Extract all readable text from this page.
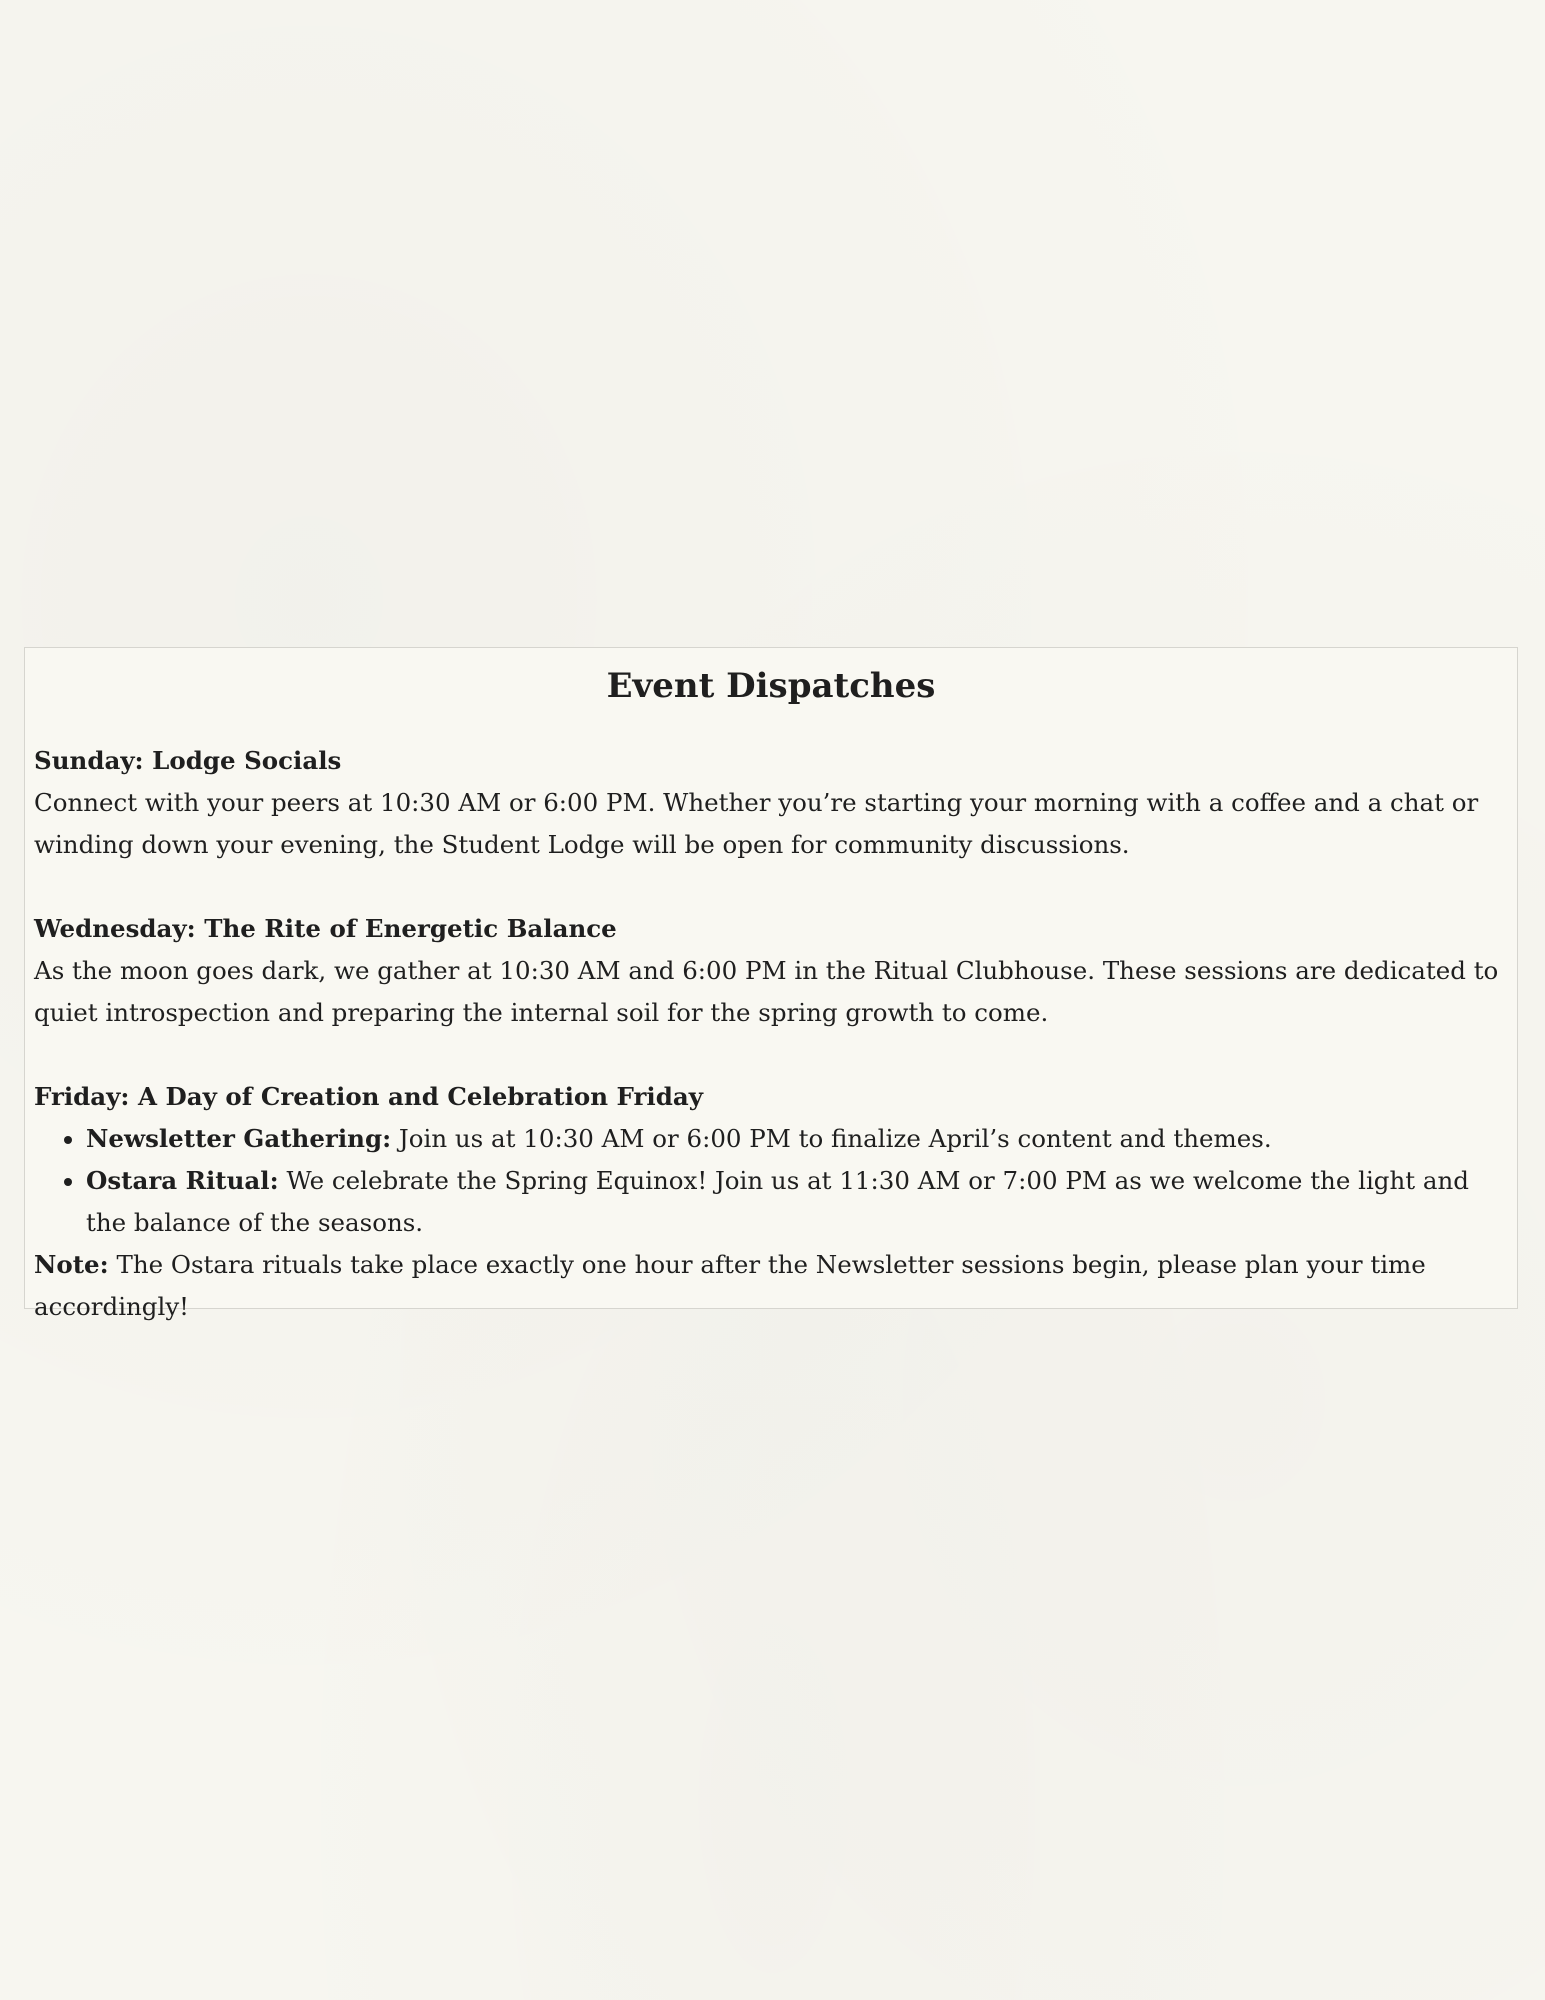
Event Dispatches

Sunday: Lodge Socials

Connect with your peers at 10:30 AM or 6:00 PM. Whether you’re starting your morning with a coffee and a chat or winding down your evening, the Student Lodge will be open for community discussions.

Wednesday: The Rite of Energetic Balance

As the moon goes dark, we gather at 10:30 AM and 6:00 PM in the Ritual Clubhouse. These sessions are dedicated to quiet introspection and preparing the internal soil for the spring growth to come.

Friday: A Day of Creation and Celebration Friday

• Newsletter Gathering: Join us at 10:30 AM or 6:00 PM to finalize April’s content and themes.
• Ostara Ritual: We celebrate the Spring Equinox! Join us at 11:30 AM or 7:00 PM as we welcome the light and the balance of the seasons.

Note: The Ostara rituals take place exactly one hour after the Newsletter sessions begin, please plan your time accordingly!
